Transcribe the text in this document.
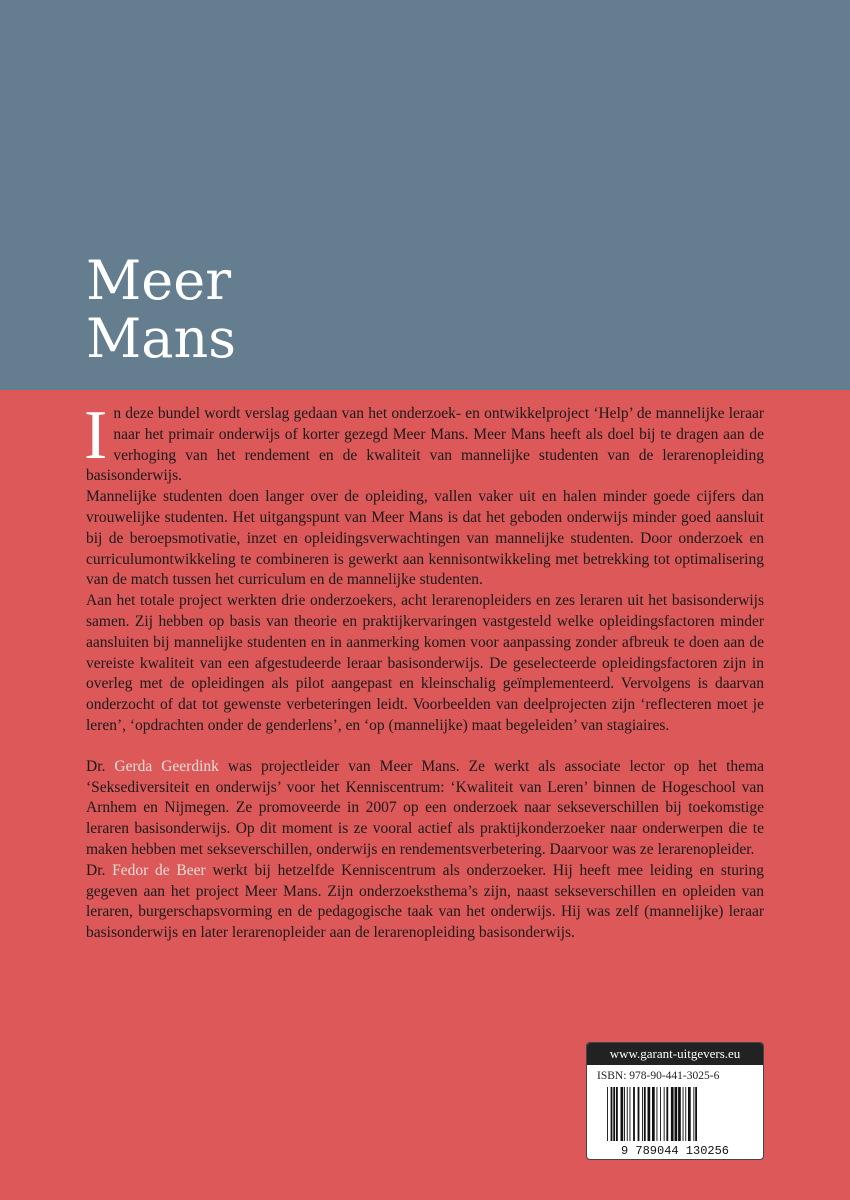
Meer
Mans

In deze bundel wordt verslag gedaan van het onderzoek- en ontwikkelproject ‘Help’ de mannelijke leraar naar het primair onderwijs of korter gezegd Meer Mans. Meer Mans heeft als doel bij te dragen aan de verhoging van het rendement en de kwaliteit van mannelijke studenten van de lerarenopleiding basisonderwijs.

Mannelijke studenten doen langer over de opleiding, vallen vaker uit en halen minder goede cijfers dan vrouwelijke studenten. Het uitgangspunt van Meer Mans is dat het geboden onderwijs minder goed aansluit bij de beroepsmotivatie, inzet en opleidingsverwachtingen van mannelijke studenten. Door onderzoek en curriculumontwikkeling te combineren is gewerkt aan kennisontwikkeling met betrekking tot optimalisering van de match tussen het curriculum en de mannelijke studenten.

Aan het totale project werkten drie onderzoekers, acht lerarenopleiders en zes leraren uit het basisonderwijs samen. Zij hebben op basis van theorie en praktijkervaringen vastgesteld welke opleidingsfactoren minder aansluiten bij mannelijke studenten en in aanmerking komen voor aanpassing zonder afbreuk te doen aan de vereiste kwaliteit van een afgestudeerde leraar basisonderwijs. De geselecteerde opleidingsfactoren zijn in overleg met de opleidingen als pilot aangepast en kleinschalig geïmplementeerd. Vervolgens is daarvan onderzocht of dat tot gewenste verbeteringen leidt. Voorbeelden van deelprojecten zijn ‘reflecteren moet je leren’, ‘opdrachten onder de genderlens’, en ‘op (mannelijke) maat begeleiden’ van stagiaires.

Dr. Gerda Geerdink was projectleider van Meer Mans. Ze werkt als associate lector op het thema ‘Seksediversiteit en onderwijs’ voor het Kenniscentrum: ‘Kwaliteit van Leren’ binnen de Hogeschool van Arnhem en Nijmegen. Ze promoveerde in 2007 op een onderzoek naar sekseverschillen bij toekomstige leraren basisonderwijs. Op dit moment is ze vooral actief als praktijkonderzoeker naar onderwerpen die te maken hebben met sekseverschillen, onderwijs en rendementsverbetering. Daarvoor was ze lerarenopleider.

Dr. Fedor de Beer werkt bij hetzelfde Kenniscentrum als onderzoeker. Hij heeft mee leiding en sturing gegeven aan het project Meer Mans. Zijn onderzoeksthema’s zijn, naast sekseverschillen en opleiden van leraren, burgerschapsvorming en de pedagogische taak van het onderwijs. Hij was zelf (mannelijke) leraar basisonderwijs en later lerarenopleider aan de lerarenopleiding basisonderwijs.

www.garant-uitgevers.eu
ISBN: 978-90-441-3025-6
9 789044 130256
